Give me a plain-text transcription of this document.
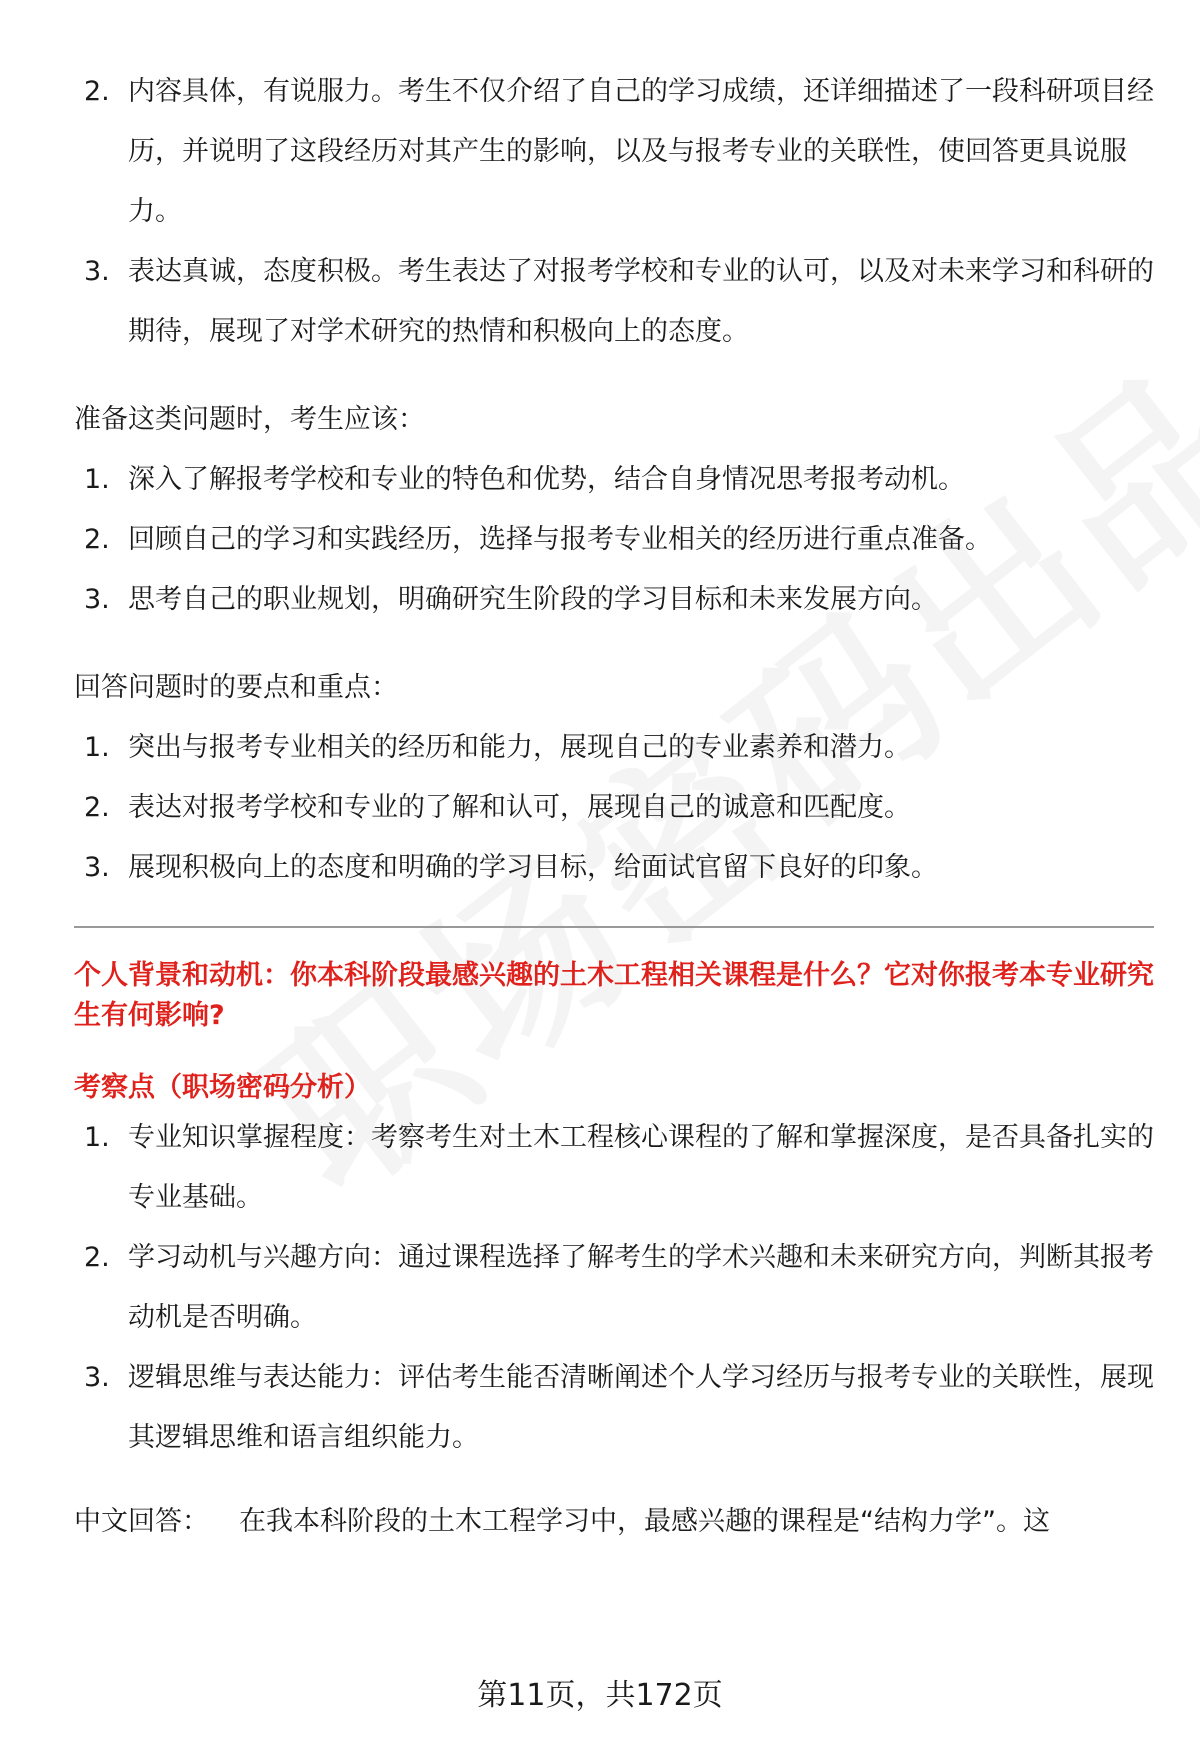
2. 内容具体，有说服力。考生不仅介绍了自己的学习成绩，还详细描述了一段科研项目经历，并说明了这段经历对其产生的影响，以及与报考专业的关联性，使回答更具说服力。
3. 表达真诚，态度积极。考生表达了对报考学校和专业的认可，以及对未来学习和科研的期待，展现了对学术研究的热情和积极向上的态度。

准备这类问题时，考生应该：

1. 深入了解报考学校和专业的特色和优势，结合自身情况思考报考动机。
2. 回顾自己的学习和实践经历，选择与报考专业相关的经历进行重点准备。
3. 思考自己的职业规划，明确研究生阶段的学习目标和未来发展方向。

回答问题时的要点和重点：

1. 突出与报考专业相关的经历和能力，展现自己的专业素养和潜力。
2. 表达对报考学校和专业的了解和认可，展现自己的诚意和匹配度。
3. 展现积极向上的态度和明确的学习目标，给面试官留下良好的印象。

个人背景和动机：你本科阶段最感兴趣的土木工程相关课程是什么？它对你报考本专业研究生有何影响?

考察点（职场密码分析）

1. 专业知识掌握程度：考察考生对土木工程核心课程的了解和掌握深度，是否具备扎实的专业基础。
2. 学习动机与兴趣方向：通过课程选择了解考生的学术兴趣和未来研究方向，判断其报考动机是否明确。
3. 逻辑思维与表达能力：评估考生能否清晰阐述个人学习经历与报考专业的关联性，展现其逻辑思维和语言组织能力。

中文回答： 在我本科阶段的土木工程学习中，最感兴趣的课程是“结构力学”。这

第11页，共172页
